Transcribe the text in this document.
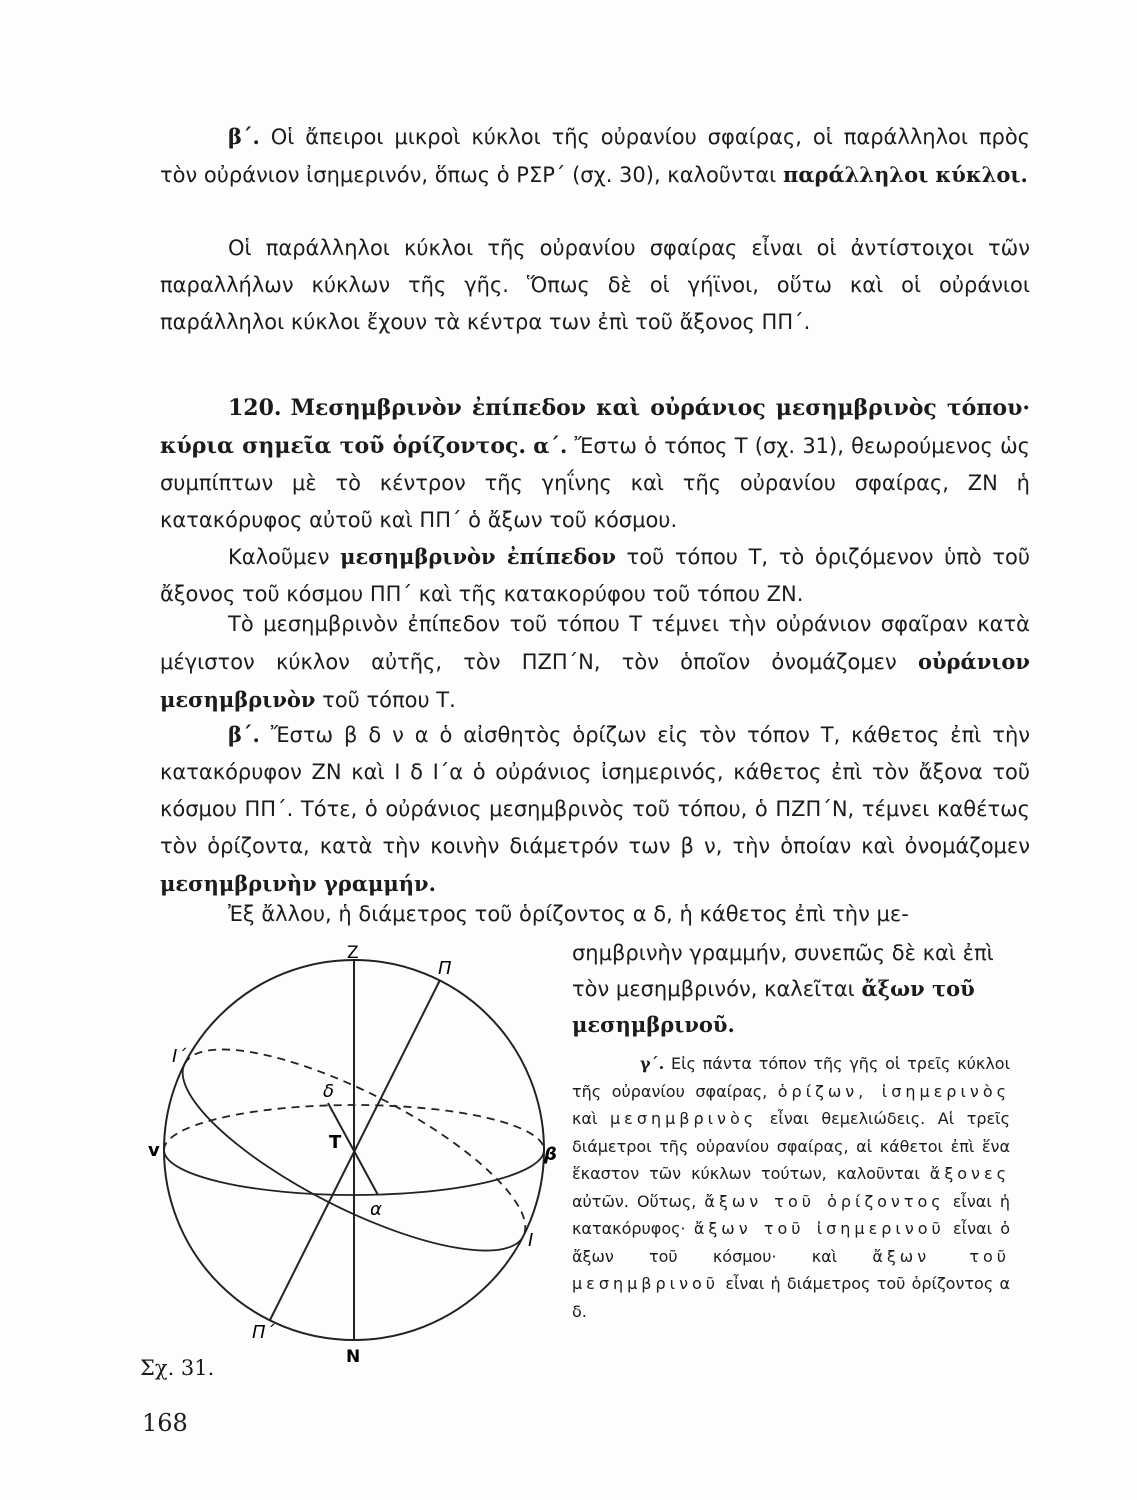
β΄. Οἱ ἄπειροι μικροὶ κύκλοι τῆς οὐρανίου σφαίρας, οἱ παράλληλοι πρὸς τὸν οὐράνιον ἰσημερινόν, ὅπως ὁ ΡΣΡ΄ (σχ. 30), καλοῦνται παράλληλοι κύκλοι.

Οἱ παράλληλοι κύκλοι τῆς οὐρανίου σφαίρας εἶναι οἱ ἀντίστοιχοι τῶν παραλλήλων κύκλων τῆς γῆς. Ὅπως δὲ οἱ γήϊνοι, οὕτω καὶ οἱ οὐράνιοι παράλληλοι κύκλοι ἔχουν τὰ κέντρα των ἐπὶ τοῦ ἄξονος ΠΠ΄.

120. Μεσημβρινὸν ἐπίπεδον καὶ οὐράνιος μεσημβρινὸς τόπου· κύρια σημεῖα τοῦ ὁρίζοντος. α΄. Ἔστω ὁ τόπος Τ (σχ. 31), θεωρούμενος ὡς συμπίπτων μὲ τὸ κέντρον τῆς γηΐνης καὶ τῆς οὐρανίου σφαίρας, ΖΝ ἡ κατακόρυφος αὐτοῦ καὶ ΠΠ΄ ὁ ἄξων τοῦ κόσμου.

Καλοῦμεν μεσημβρινὸν ἐπίπεδον τοῦ τόπου Τ, τὸ ὁριζόμενον ὑπὸ τοῦ ἄξονος τοῦ κόσμου ΠΠ΄ καὶ τῆς κατακορύφου τοῦ τόπου ΖΝ.

Τὸ μεσημβρινὸν ἐπίπεδον τοῦ τόπου Τ τέμνει τὴν οὐράνιον σφαῖραν κατὰ μέγιστον κύκλον αὐτῆς, τὸν ΠΖΠ΄Ν, τὸν ὁποῖον ὀνομάζομεν οὐράνιον μεσημβρινὸν τοῦ τόπου Τ.

β΄. Ἔστω β δ ν α ὁ αἰσθητὸς ὁρίζων εἰς τὸν τόπον Τ, κάθετος ἐπὶ τὴν κατακόρυφον ΖΝ καὶ Ι δ Ι΄α ὁ οὐράνιος ἰσημερινός, κάθετος ἐπὶ τὸν ἄξονα τοῦ κόσμου ΠΠ΄. Τότε, ὁ οὐράνιος μεσημβρινὸς τοῦ τόπου, ὁ ΠΖΠ΄Ν, τέμνει καθέτως τὸν ὁρίζοντα, κατὰ τὴν κοινὴν διάμετρόν των β ν, τὴν ὁποίαν καὶ ὀνομάζομεν μεσημβρινὴν γραμμήν.

Ἐξ ἄλλου, ἡ διάμετρος τοῦ ὁρίζοντος α δ, ἡ κάθετος ἐπὶ τὴν με-

σημβρινὴν γραμμήν, συνεπῶς δὲ καὶ ἐπὶ τὸν μεσημβρινόν, καλεῖται ἄξων τοῦ μεσημβρινοῦ.

γ΄. Εἰς πάντα τόπον τῆς γῆς οἱ τρεῖς κύκλοι τῆς οὐρανίου σφαίρας, ὁρίζων, ἰσημερινὸς καὶ μεσημβρινὸς εἶναι θεμελιώδεις. Αἱ τρεῖς διάμετροι τῆς οὐρανίου σφαίρας, αἱ κάθετοι ἐπὶ ἕνα ἕκαστον τῶν κύκλων τούτων, καλοῦνται ἄξονες αὐτῶν. Οὕτως, ἄξων τοῦ ὁρίζοντος εἶναι ἡ κατακόρυφος· ἄξων τοῦ ἰσημερινοῦ εἶναι ὁ ἄξων τοῦ κόσμου· καὶ ἄξων τοῦ μεσημβρινοῦ εἶναι ἡ διάμετρος τοῦ ὁρίζοντος α δ.

Z
N
Π
Π΄
Ι΄
Ι
δ
T
α
v	β
Σχ. 31.
168
